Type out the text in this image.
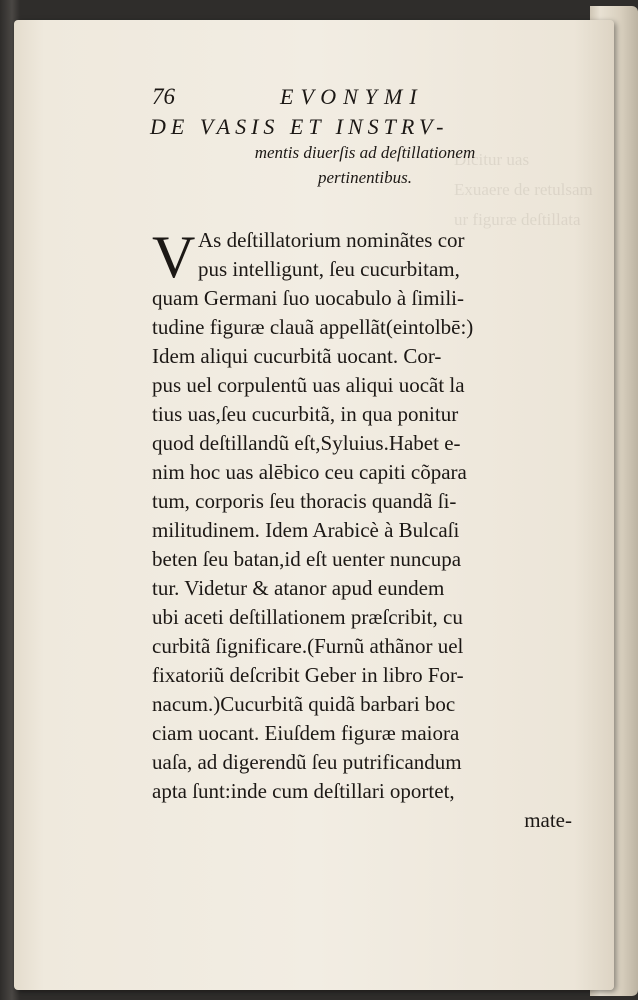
Dicitur uas
Exuaere de retulsam
ur figuræ deſtillata
76	EVONYMI
DE VASIS ET INSTRV-
mentis diuerſis ad deſtillationem
pertinentibus.
V As deſtillatorium nominãtes cor
pus intelligunt, ſeu cucurbitam,
quam Germani ſuo uocabulo à ſimili-
tudine figuræ clauã appellãt(eintolbē:)
Idem aliqui cucurbitã uocant. Cor-
pus uel corpulentũ uas aliqui uocãt la
tius uas,ſeu cucurbitã, in qua ponitur
quod deſtillandũ eſt,Syluius.Habet e-
nim hoc uas alēbico ceu capiti cõpara
tum, corporis ſeu thoracis quandã ſi-
militudinem. Idem Arabicè à Bulcaſi
beten ſeu batan,id eſt uenter nuncupa
tur. Videtur & atanor apud eundem
ubi aceti deſtillationem præſcribit, cu
curbitã ſignificare.(Furnũ athãnor uel
fixatoriũ deſcribit Geber in libro For-
nacum.)Cucurbitã quidã barbari boc
ciam uocant. Eiuſdem figuræ maiora
uaſa, ad digerendũ ſeu putrificandum
apta ſunt:inde cum deſtillari oportet,
mate-
